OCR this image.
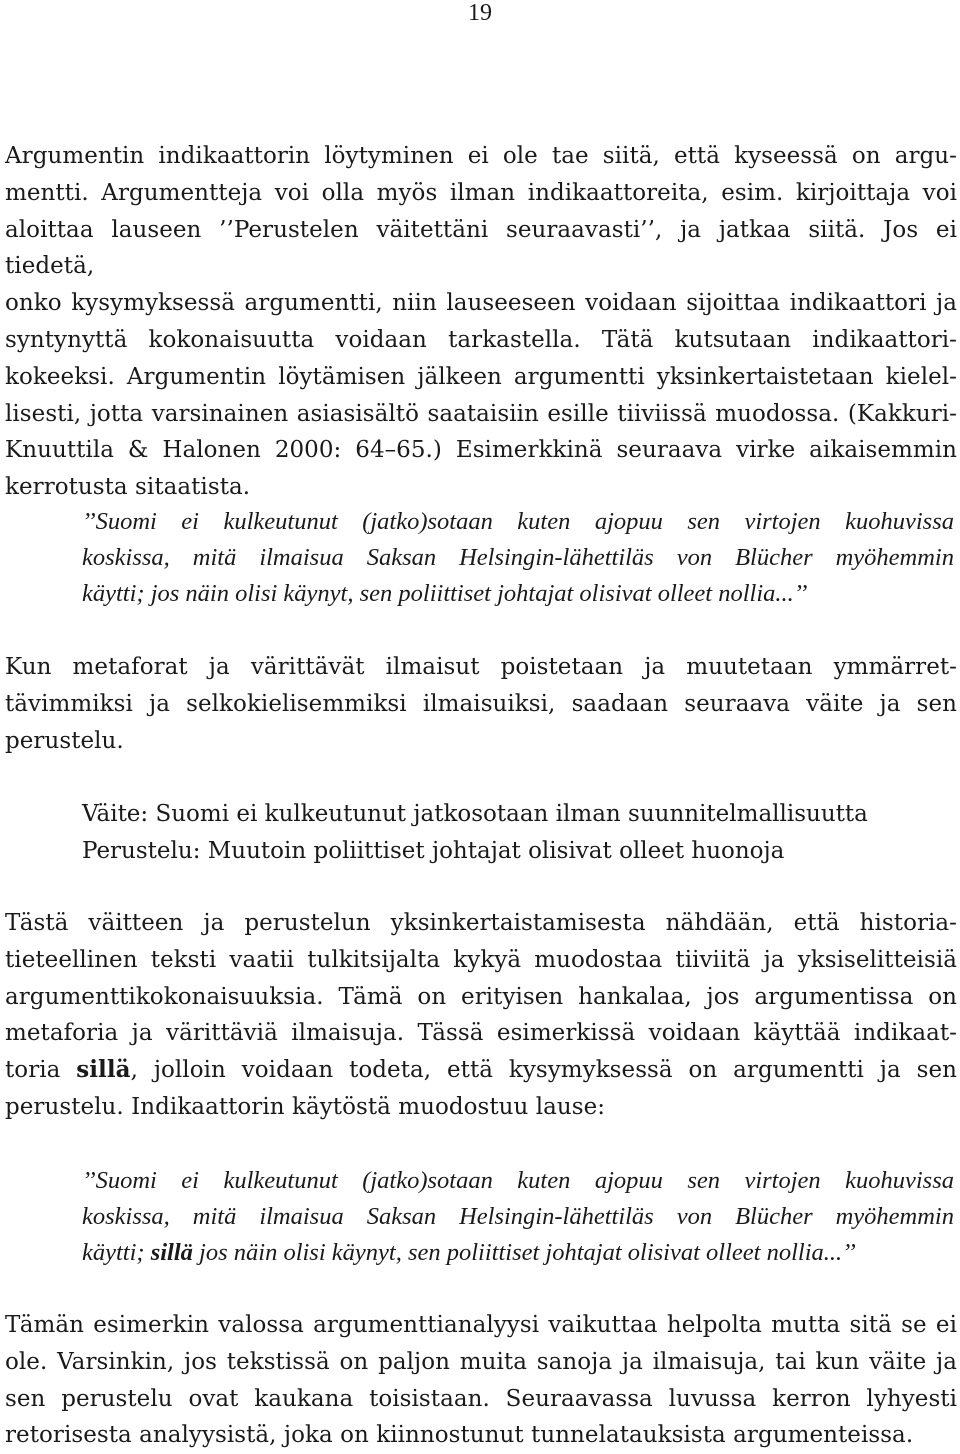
19

Argumentin indikaattorin löytyminen ei ole tae siitä, että kyseessä on argu-
mentti. Argumentteja voi olla myös ilman indikaattoreita, esim. kirjoittaja voi
aloittaa lauseen ’’Perustelen väitettäni seuraavasti’’, ja jatkaa siitä. Jos ei tiedetä,
onko kysymyksessä argumentti, niin lauseeseen voidaan sijoittaa indikaattori ja
syntynyttä kokonaisuutta voidaan tarkastella. Tätä kutsutaan indikaattori-
kokeeksi. Argumentin löytämisen jälkeen argumentti yksinkertaistetaan kielel-
lisesti, jotta varsinainen asiasisältö saataisiin esille tiiviissä muodossa. (Kakkuri-
Knuuttila & Halonen 2000: 64–65.) Esimerkkinä seuraava virke aikaisemmin
kerrotusta sitaatista.

’’Suomi ei kulkeutunut (jatko)sotaan kuten ajopuu sen virtojen kuohuvissa
koskissa, mitä ilmaisua Saksan Helsingin-lähettiläs von Blücher myöhemmin
käytti; jos näin olisi käynyt, sen poliittiset johtajat olisivat olleet nollia...’’

Kun metaforat ja värittävät ilmaisut poistetaan ja muutetaan ymmärret-
tävimmiksi ja selkokielisemmiksi ilmaisuiksi, saadaan seuraava väite ja sen
perustelu.

Väite: Suomi ei kulkeutunut jatkosotaan ilman suunnitelmallisuutta
Perustelu: Muutoin poliittiset johtajat olisivat olleet huonoja

Tästä väitteen ja perustelun yksinkertaistamisesta nähdään, että historia-
tieteellinen teksti vaatii tulkitsijalta kykyä muodostaa tiiviitä ja yksiselitteisiä
argumenttikokonaisuuksia. Tämä on erityisen hankalaa, jos argumentissa on
metaforia ja värittäviä ilmaisuja. Tässä esimerkissä voidaan käyttää indikaat-
toria sillä, jolloin voidaan todeta, että kysymyksessä on argumentti ja sen
perustelu. Indikaattorin käytöstä muodostuu lause:

’’Suomi ei kulkeutunut (jatko)sotaan kuten ajopuu sen virtojen kuohuvissa
koskissa, mitä ilmaisua Saksan Helsingin-lähettiläs von Blücher myöhemmin
käytti; sillä jos näin olisi käynyt, sen poliittiset johtajat olisivat olleet nollia...’’

Tämän esimerkin valossa argumenttianalyysi vaikuttaa helpolta mutta sitä se ei
ole. Varsinkin, jos tekstissä on paljon muita sanoja ja ilmaisuja, tai kun väite ja
sen perustelu ovat kaukana toisistaan. Seuraavassa luvussa kerron lyhyesti
retorisesta analyysistä, joka on kiinnostunut tunnelatauksista argumenteissa.
